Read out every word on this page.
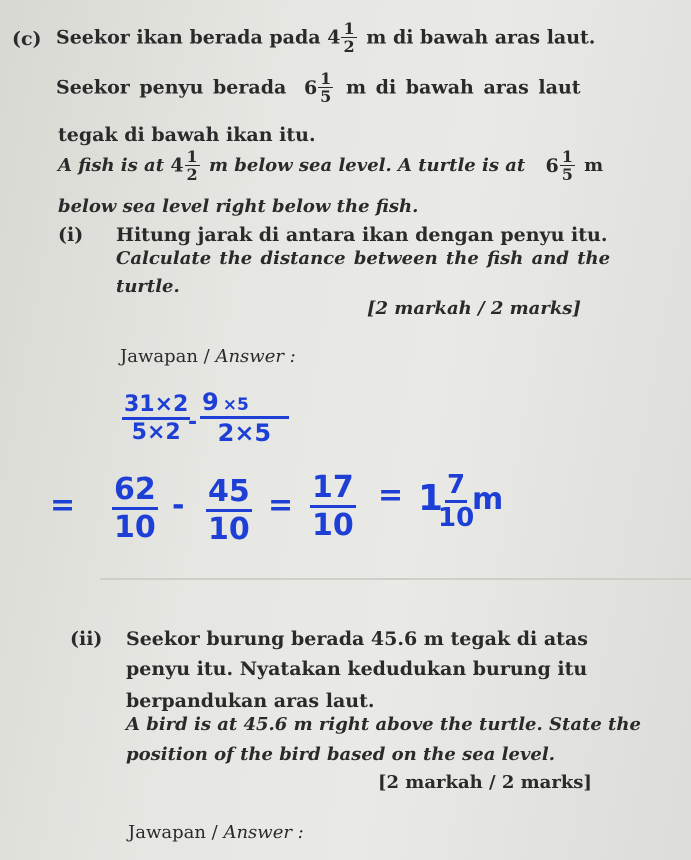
(c) Seekor ikan berada pada $4 \frac{1}{2}$ m di bawah aras laut.
Seekor penyu berada $6 \frac{1}{5}$ m di bawah aras laut
tegak di bawah ikan itu.
A fish is at $4 \frac{1}{2}$ m below sea level. A turtle is at $6 \frac{1}{5}$ m
below sea level right below the fish.
(i) Hitung jarak di antara ikan dengan penyu itu.
Calculate the distance between the fish and the
turtle.
[2 markah / 2 marks]
Jawapan / Answer :
31×2
5×2 -
9 ×5
2×5
= 62
10
- 45
10
=
17
10
= 1 7
10
m
(ii) Seekor burung berada 45.6 m tegak di atas
penyu itu. Nyatakan kedudukan burung itu
berpandukan aras laut.
A bird is at 45.6 m right above the turtle. State the
position of the bird based on the sea level.
[2 markah / 2 marks]
Jawapan / Answer :
